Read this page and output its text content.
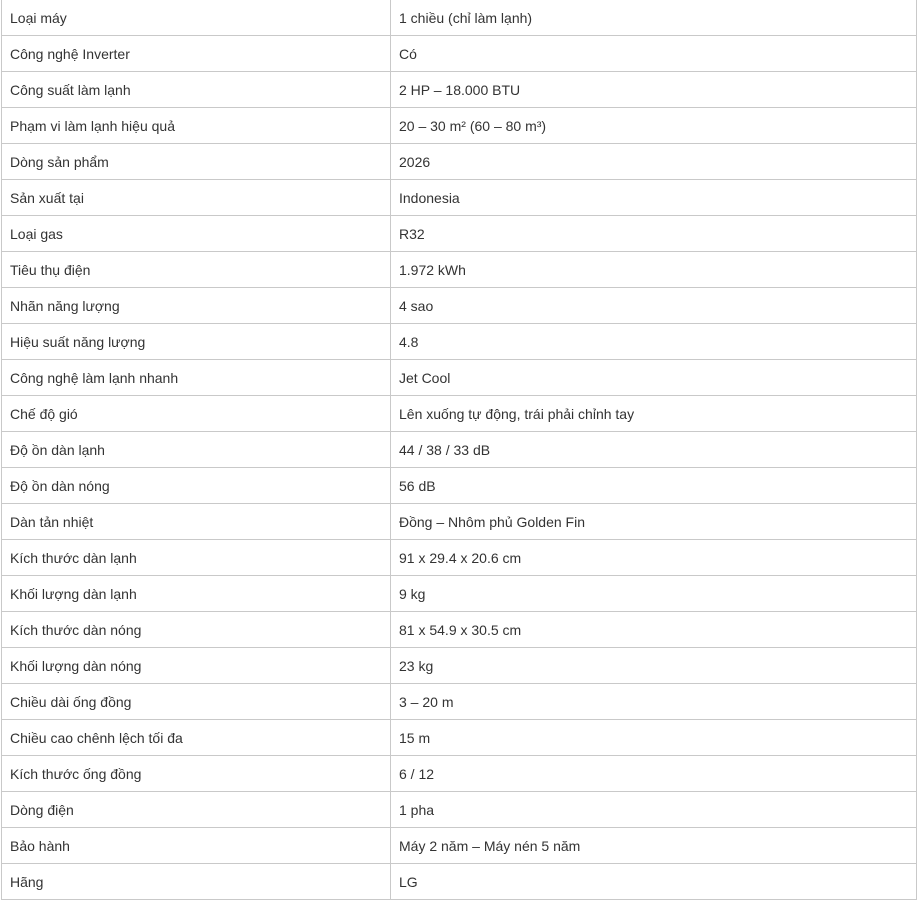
Loại máy	1 chiều (chỉ làm lạnh)
Công nghệ Inverter	Có
Công suất làm lạnh	2 HP – 18.000 BTU
Phạm vi làm lạnh hiệu quả	20 – 30 m² (60 – 80 m³)
Dòng sản phẩm	2026
Sản xuất tại	Indonesia
Loại gas	R32
Tiêu thụ điện	1.972 kWh
Nhãn năng lượng	4 sao
Hiệu suất năng lượng	4.8
Công nghệ làm lạnh nhanh	Jet Cool
Chế độ gió	Lên xuống tự động, trái phải chỉnh tay
Độ ồn dàn lạnh	44 / 38 / 33 dB
Độ ồn dàn nóng	56 dB
Dàn tản nhiệt	Đồng – Nhôm phủ Golden Fin
Kích thước dàn lạnh	91 x 29.4 x 20.6 cm
Khối lượng dàn lạnh	9 kg
Kích thước dàn nóng	81 x 54.9 x 30.5 cm
Khối lượng dàn nóng	23 kg
Chiều dài ống đồng	3 – 20 m
Chiều cao chênh lệch tối đa	15 m
Kích thước ống đồng	6 / 12
Dòng điện	1 pha
Bảo hành	Máy 2 năm – Máy nén 5 năm
Hãng	LG
